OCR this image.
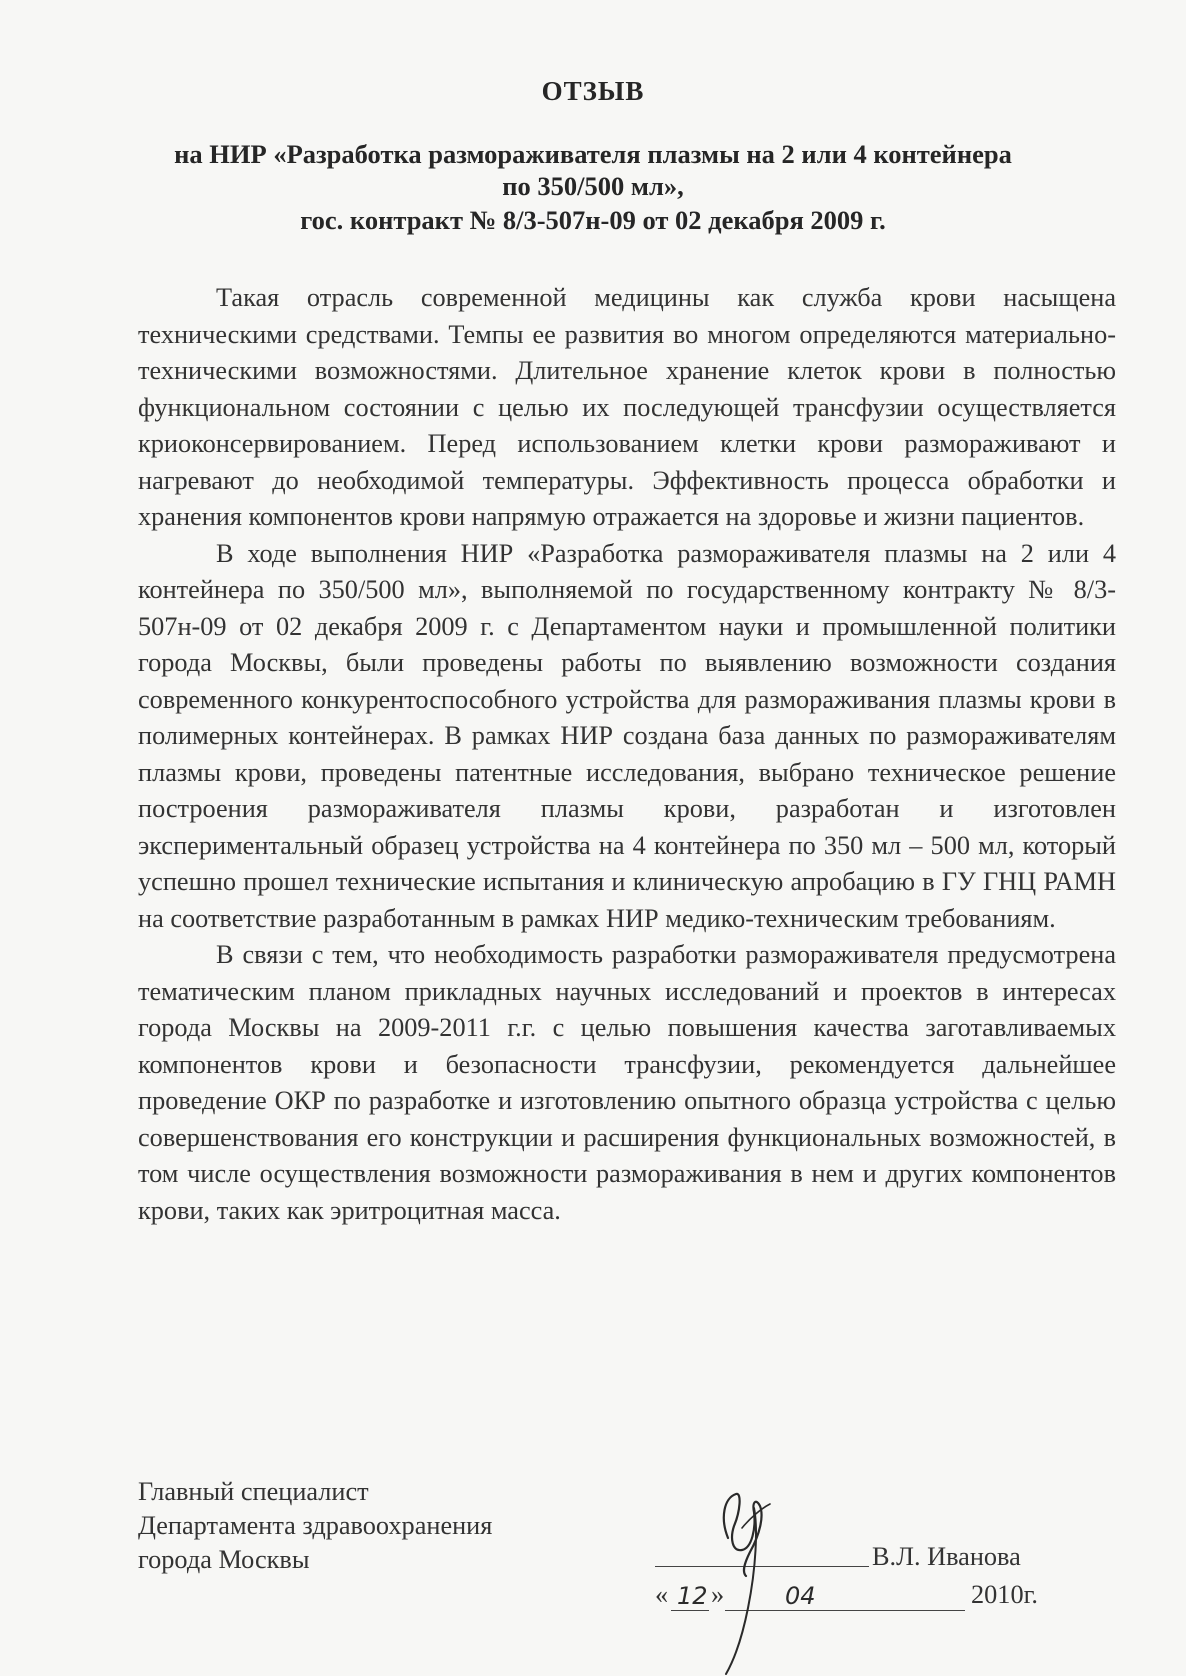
ОТЗЫВ
на НИР «Разработка размораживателя плазмы на 2 или 4 контейнера
по 350/500 мл»,
гос. контракт № 8/3-507н-09 от 02 декабря 2009 г.

Такая отрасль современной медицины как служба крови насыщена техническими средствами. Темпы ее развития во многом определяются материально-техническими возможностями. Длительное хранение клеток крови в полностью функциональном состоянии с целью их последующей трансфузии осуществляется криоконсервированием. Перед использованием клетки крови размораживают и нагревают до необходимой температуры. Эффективность процесса обработки и хранения компонентов крови напрямую отражается на здоровье и жизни пациентов.

В ходе выполнения НИР «Разработка размораживателя плазмы на 2 или 4 контейнера по 350/500 мл», выполняемой по государственному контракту № 8/3-507н-09 от 02 декабря 2009 г. с Департаментом науки и промышленной политики города Москвы, были проведены работы по выявлению возможности создания современного конкурентоспособного устройства для размораживания плазмы крови в полимерных контейнерах. В рамках НИР создана база данных по размораживателям плазмы крови, проведены патентные исследования, выбрано техническое решение построения размораживателя плазмы крови, разработан и изготовлен экспериментальный образец устройства на 4 контейнера по 350 мл – 500 мл, который успешно прошел технические испытания и клиническую апробацию в ГУ ГНЦ РАМН на соответствие разработанным в рамках НИР медико-техническим требованиям.

В связи с тем, что необходимость разработки размораживателя предусмотрена тематическим планом прикладных научных исследований и проектов в интересах города Москвы на 2009-2011 г.г. с целью повышения качества заготавливаемых компонентов крови и безопасности трансфузии, рекомендуется дальнейшее проведение ОКР по разработке и изготовлению опытного образца устройства с целью совершенствования его конструкции и расширения функциональных возможностей, в том числе осуществления возможности размораживания в нем и других компонентов крови, таких как эритроцитная масса.

Главный специалист
Департамента здравоохранения
города Москвы	В.Л. Иванова
« 12 »	04	2010г.
